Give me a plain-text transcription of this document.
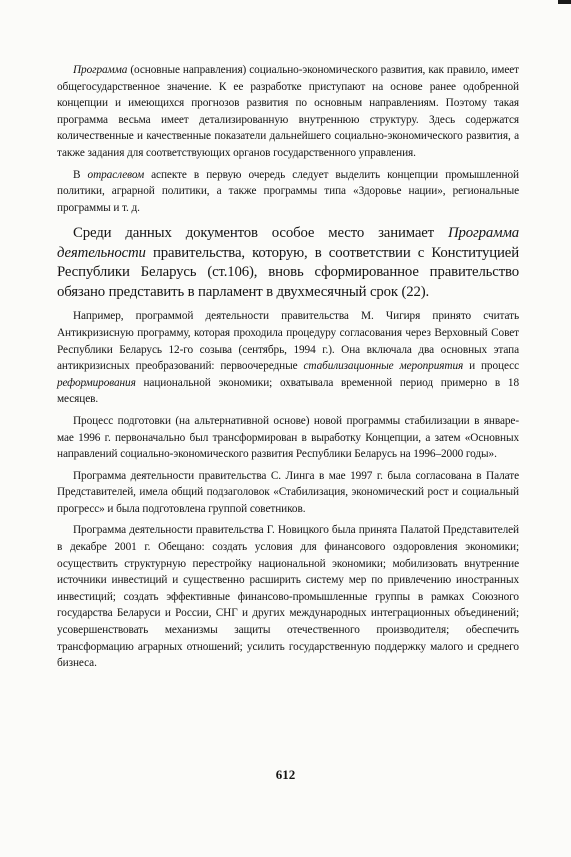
Программа (основные направления) социально-экономического развития, как правило, имеет общегосударственное значение. К ее разработке приступают на основе ранее одобренной концепции и имеющихся прогнозов развития по основным направлениям. Поэтому такая программа весьма имеет детализированную внутреннюю структуру. Здесь содержатся количественные и качественные показатели дальнейшего социально-экономического развития, а также задания для соответствующих органов государственного управления.

В отраслевом аспекте в первую очередь следует выделить концепции промышленной политики, аграрной политики, а также программы типа «Здоровье нации», региональные программы и т. д.

Среди данных документов особое место занимает Программа деятельности правительства, которую, в соответствии с Конституцией Республики Беларусь (ст.106), вновь сформированное правительство обязано представить в парламент в двухмесячный срок (22).

Например, программой деятельности правительства М. Чигиря принято считать Антикризисную программу, которая проходила процедуру согласования через Верховный Совет Республики Беларусь 12-го созыва (сентябрь, 1994 г.). Она включала два основных этапа антикризисных преобразований: первоочередные стабилизационные мероприятия и процесс реформирования национальной экономики; охватывала временной период примерно в 18 месяцев.

Процесс подготовки (на альтернативной основе) новой программы стабилизации в январе-мае 1996 г. первоначально был трансформирован в выработку Концепции, а затем «Основных направлений социально-экономического развития Республики Беларусь на 1996–2000 годы».

Программа деятельности правительства С. Линга в мае 1997 г. была согласована в Палате Представителей, имела общий подзаголовок «Стабилизация, экономический рост и социальный прогресс» и была подготовлена группой советников.

Программа деятельности правительства Г. Новицкого была принята Палатой Представителей в декабре 2001 г. Обещано: создать условия для финансового оздоровления экономики; осуществить структурную перестройку национальной экономики; мобилизовать внутренние источники инвестиций и существенно расширить систему мер по привлечению иностранных инвестиций; создать эффективные финансово-промышленные группы в рамках Союзного государства Беларуси и России, СНГ и других международных интеграционных объединений; усовершенствовать механизмы защиты отечественного производителя; обеспечить трансформацию аграрных отношений; усилить государственную поддержку малого и среднего бизнеса.

612
